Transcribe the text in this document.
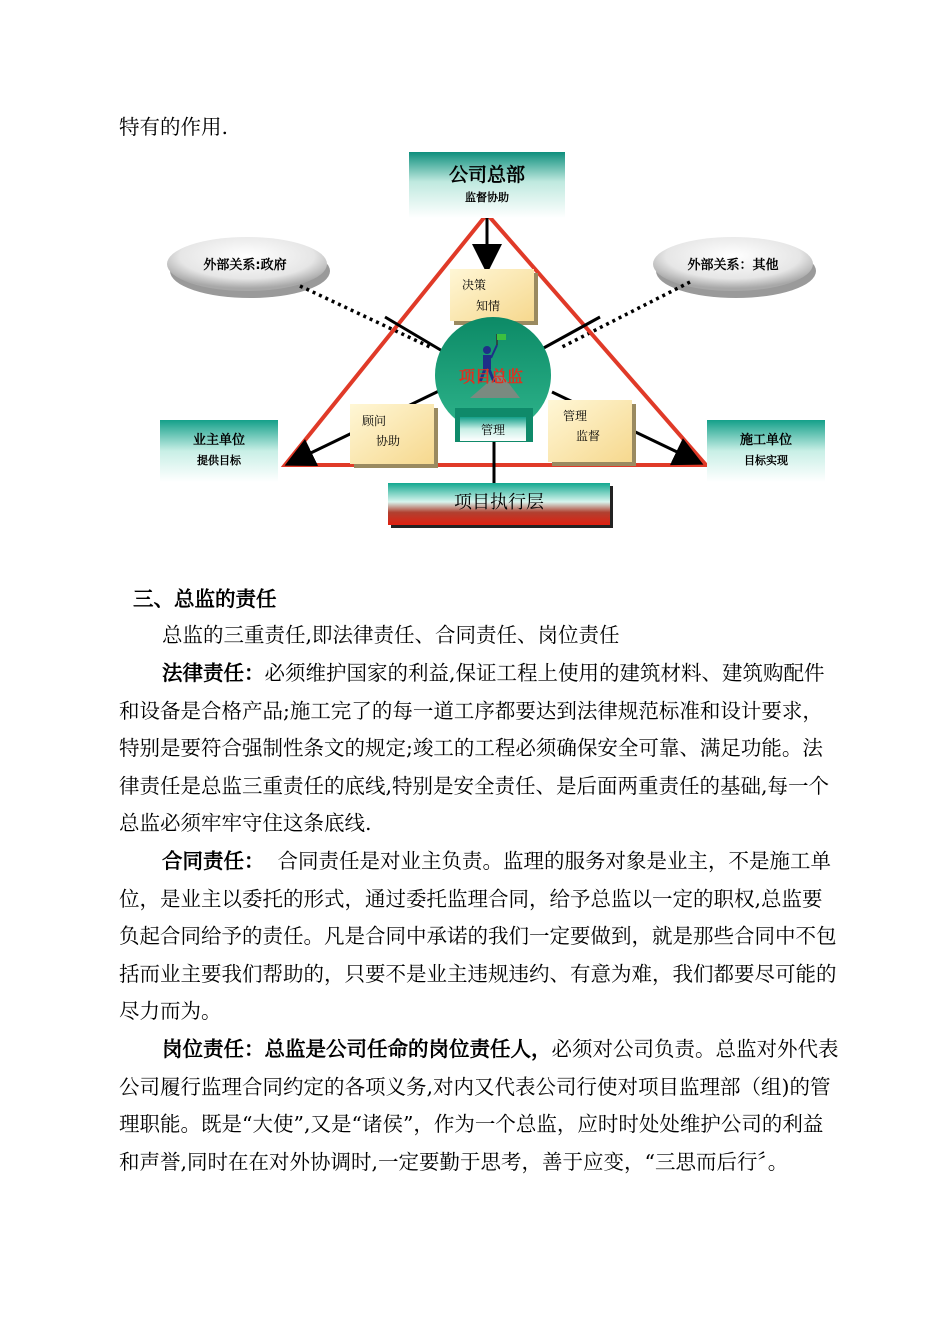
特有的作用.

外部关系:政府	外部关系：其他
公司总部
监督协助
决策
知情
项目总监
管理
顾问
协助
管理
监督
业主单位
提供目标
施工单位
目标实现
项目执行层

三、总监的责任

总监的三重责任,即法律责任、合同责任、岗位责任

法律责任：必须维护国家的利益,保证工程上使用的建筑材料、建筑购配件和设备是合格产品;施工完了的每一道工序都要达到法律规范标准和设计要求，特别是要符合强制性条文的规定;竣工的工程必须确保安全可靠、满足功能。法律责任是总监三重责任的底线,特别是安全责任、是后面两重责任的基础,每一个总监必须牢牢守住这条底线.

合同责任：  合同责任是对业主负责。监理的服务对象是业主，不是施工单位，是业主以委托的形式，通过委托监理合同，给予总监以一定的职权,总监要负起合同给予的责任。凡是合同中承诺的我们一定要做到，就是那些合同中不包括而业主要我们帮助的，只要不是业主违规违约、有意为难，我们都要尽可能的尽力而为。

岗位责任：总监是公司任命的岗位责任人，必须对公司负责。总监对外代表公司履行监理合同约定的各项义务,对内又代表公司行使对项目监理部（组)的管理职能。既是“大使”,又是“诸侯”，作为一个总监，应时时处处维护公司的利益和声誉,同时在在对外协调时,一定要勤于思考，善于应变，“三思而后行〞。
